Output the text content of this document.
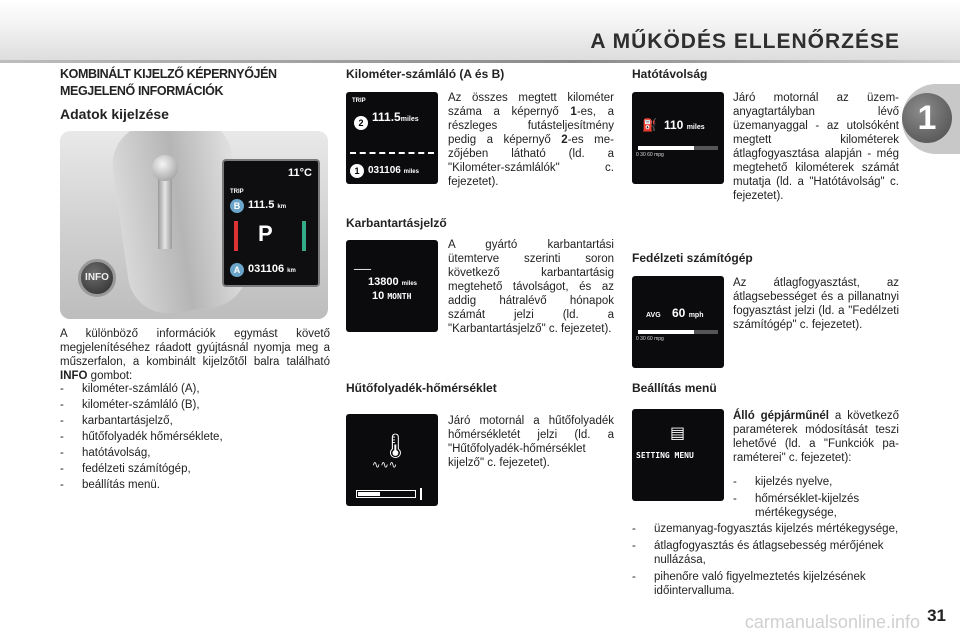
A MŰKÖDÉS ELLENŐRZÉSE
1
KOMBINÁLT KIJELZŐ KÉPERNYŐJÉN MEGJELENŐ INFORMÁCIÓK
Adatok kijelzése
INFO
11°C
TRIP
B 111.5 km
P
A 031106 km
A különböző információk egymást követő megjelenítéséhez ráadott gyújtásnál nyomja meg a műszerfalon, a kombinált kijelzőtől balra található INFO gombot:
- kilométer-számláló (A),
- kilométer-számláló (B),
- karbantartásjelző,
- hűtőfolyadék hőmérséklete,
- hatótávolság,
- fedélzeti számítógép,
- beállítás menü.
Kilométer-számláló (A és B)
TRIP
2 111.5miles
1 031106 miles
Az összes megtett kilométer száma a képernyő 1-es, a részleges futásteljesítmény pedig a képernyő 2-es mezőjében látható (ld. a "Kilométer-számlálók" c. fejezetet).
Karbantartásjelző
──
13800 miles
10 MONTH
A gyártó karbantartási ütemterve szerinti soron következő karbantartásig megtehető távolságot, és az addig hátralévő hónapok számát jelzi (ld. a "Karbantartásjelző" c. fejezetet).
Hűtőfolyadék-hőmérséklet
🌡
∿∿∿
Járó motornál a hűtőfolyadék hőmérsékletét jelzi (ld. a "Hűtőfolyadék-hőmérséklet kijelző" c. fejezetet).
Hatótávolság
⛽ 110 miles
0 30 60 mpg
Járó motornál az üzemanyagtartályban lévő üzemanyaggal - az utolsóként megtett kilométerek átlagfogyasztása alapján - még megtehető kilométerek számát mutatja (ld. a "Hatótávolság" c. fejezetet).
Fedélzeti számítógép
AVG 60 mph
0 30 60 mpg
Az átlagfogyasztást, az átlagsebességet és a pillanatnyi fogyasztást jelzi (ld. a "Fedélzeti számítógép" c. fejezetet).
Beállítás menü
▤
SETTING MENU
Álló gépjárműnél a következő paraméterek módosítását teszi lehetővé (ld. a "Funkciók paraméterei" c. fejezetet):
- kijelzés nyelve,
- hőmérséklet-kijelzés mértékegysége,
- üzemanyag-fogyasztás kijelzés mértékegysége,
- átlagfogyasztás és átlagsebesség mérőjének nullázása,
- pihenőre való figyelmeztetés kijelzésének időintervalluma.
carmanualsonline.info 31
